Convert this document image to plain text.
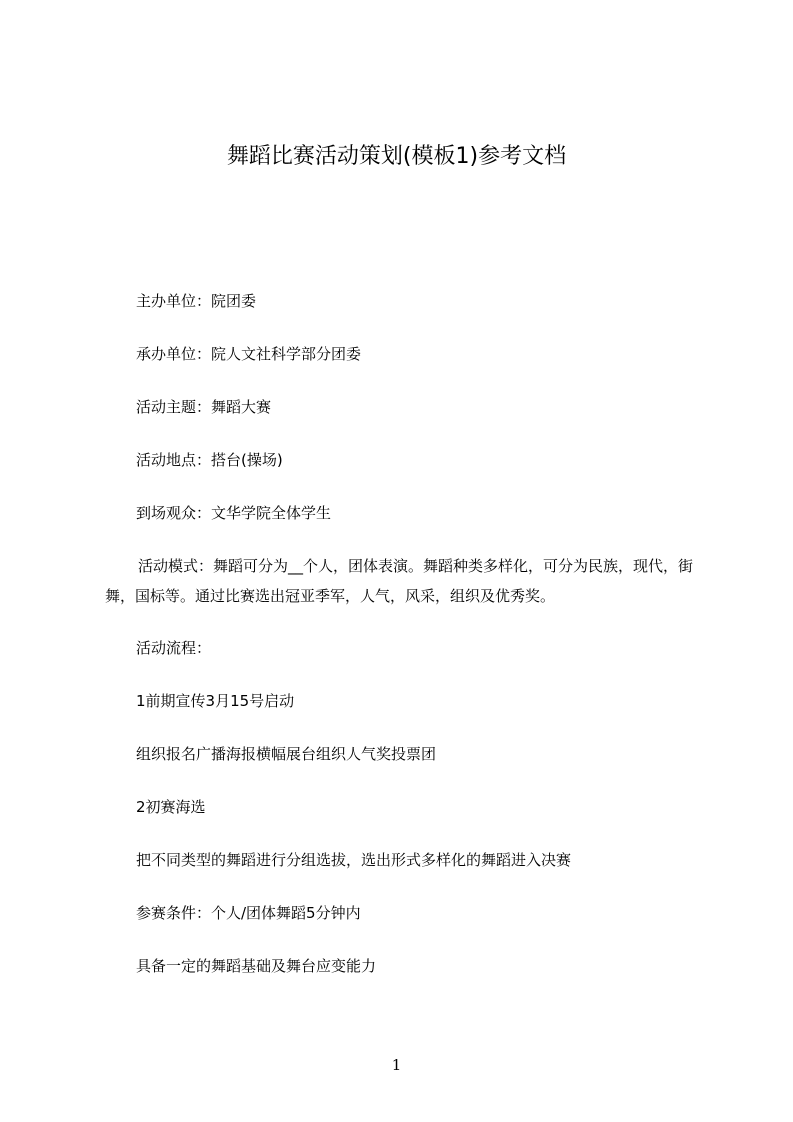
舞蹈比赛活动策划(模板1)参考文档

主办单位：院团委

承办单位：院人文社科学部分团委

活动主题：舞蹈大赛

活动地点：搭台(操场)

到场观众：文华学院全体学生

活动模式：舞蹈可分为__个人，团体表演。舞蹈种类多样化，可分为民族，现代，街舞，国标等。通过比赛选出冠亚季军，人气，风采，组织及优秀奖。

活动流程：

1前期宣传3月15号启动

组织报名广播海报横幅展台组织人气奖投票团

2初赛海选

把不同类型的舞蹈进行分组选拔，选出形式多样化的舞蹈进入决赛

参赛条件：个人/团体舞蹈5分钟内

具备一定的舞蹈基础及舞台应变能力

1
